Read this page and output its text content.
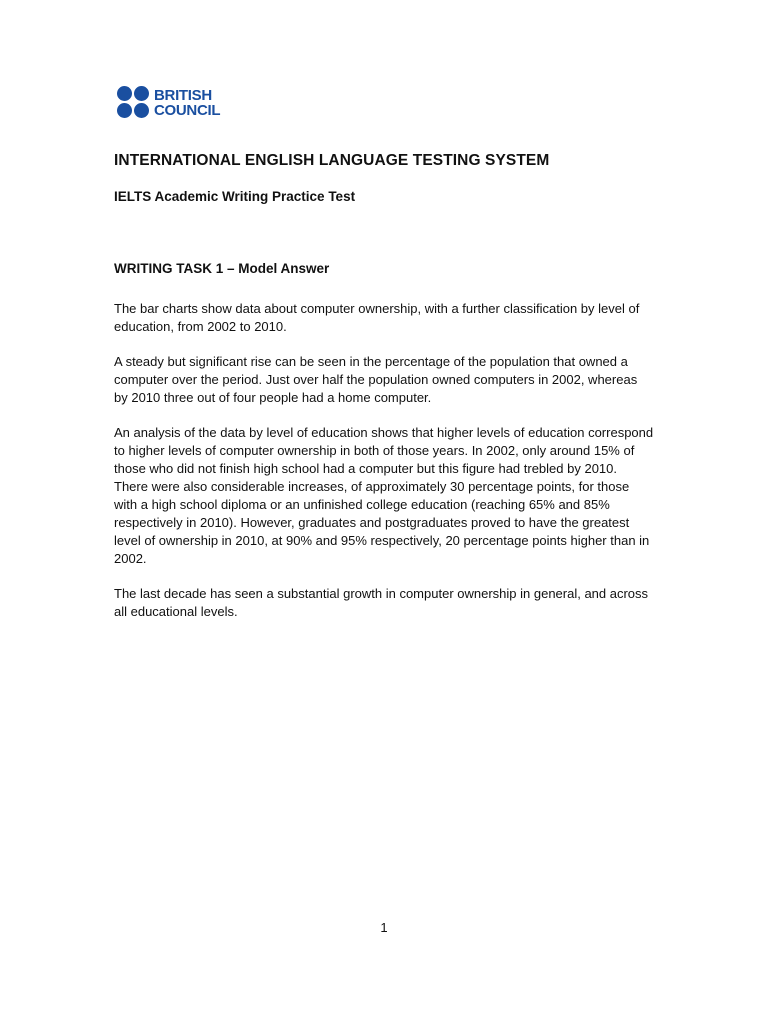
BRITISH
COUNCIL
INTERNATIONAL ENGLISH LANGUAGE TESTING SYSTEM
IELTS Academic Writing Practice Test
WRITING TASK 1 – Model Answer

The bar charts show data about computer ownership, with a further classification by level of education, from 2002 to 2010.

A steady but significant rise can be seen in the percentage of the population that owned a computer over the period. Just over half the population owned computers in 2002, whereas by 2010 three out of four people had a home computer.

An analysis of the data by level of education shows that higher levels of education correspond to higher levels of computer ownership in both of those years. In 2002, only around 15% of those who did not finish high school had a computer but this figure had trebled by 2010. There were also considerable increases, of approximately 30 percentage points, for those with a high school diploma or an unfinished college education (reaching 65% and 85% respectively in 2010). However, graduates and postgraduates proved to have the greatest level of ownership in 2010, at 90% and 95% respectively, 20 percentage points higher than in 2002.

The last decade has seen a substantial growth in computer ownership in general, and across all educational levels.

1
